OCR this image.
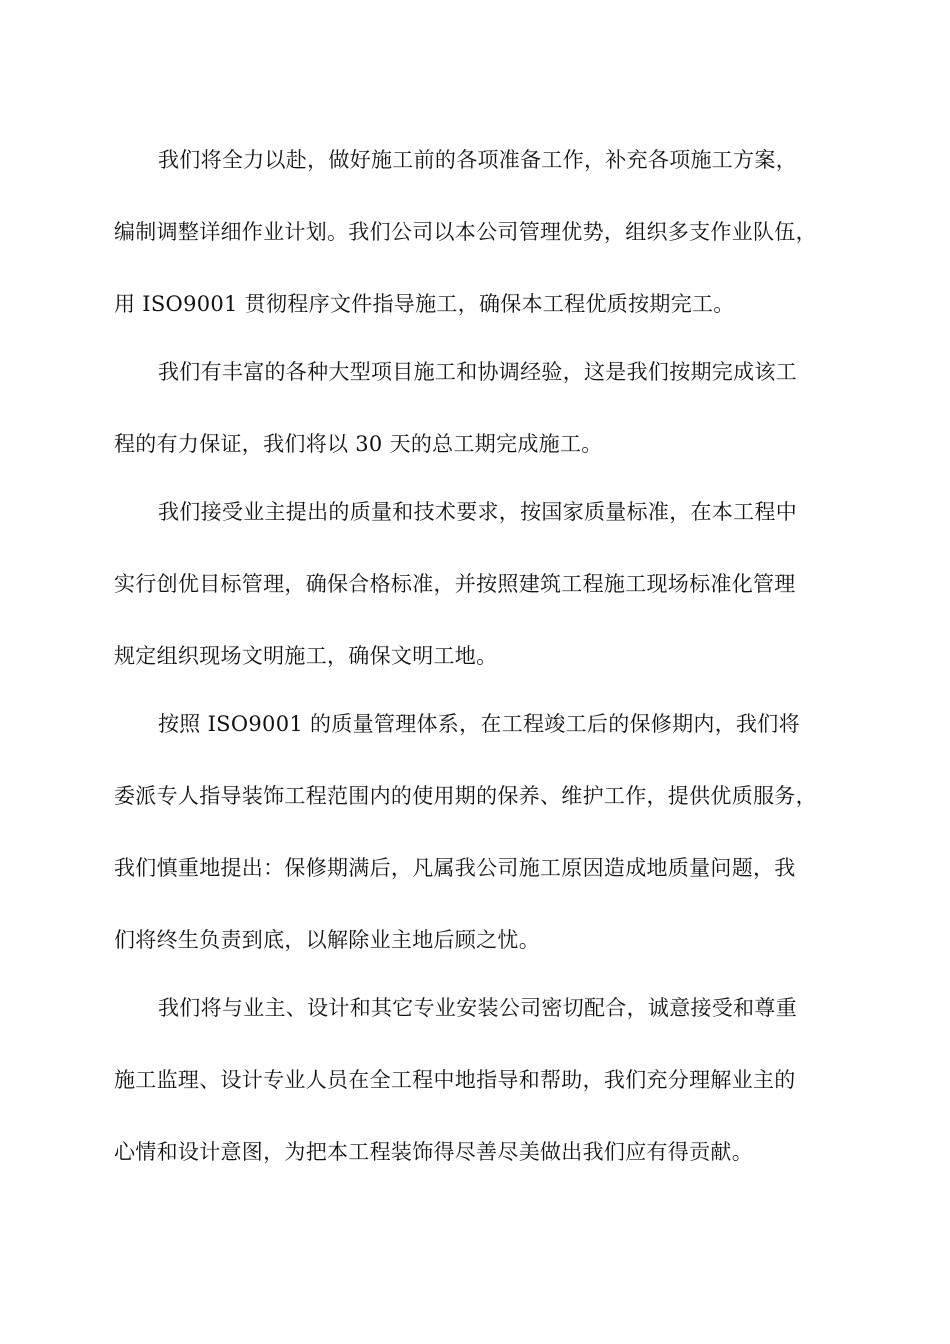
我们将全力以赴，做好施工前的各项准备工作，补充各项施工方案，
编制调整详细作业计划。我们公司以本公司管理优势，组织多支作业队伍，
用 ISO9001 贯彻程序文件指导施工，确保本工程优质按期完工。
我们有丰富的各种大型项目施工和协调经验，这是我们按期完成该工
程的有力保证，我们将以 30 天的总工期完成施工。
我们接受业主提出的质量和技术要求，按国家质量标准，在本工程中
实行创优目标管理，确保合格标准，并按照建筑工程施工现场标准化管理
规定组织现场文明施工，确保文明工地。
按照 ISO9001 的质量管理体系，在工程竣工后的保修期内，我们将
委派专人指导装饰工程范围内的使用期的保养、维护工作，提供优质服务，
我们慎重地提出：保修期满后，凡属我公司施工原因造成地质量问题，我
们将终生负责到底，以解除业主地后顾之忧。
我们将与业主、设计和其它专业安装公司密切配合，诚意接受和尊重
施工监理、设计专业人员在全工程中地指导和帮助，我们充分理解业主的
心情和设计意图，为把本工程装饰得尽善尽美做出我们应有得贡献。
